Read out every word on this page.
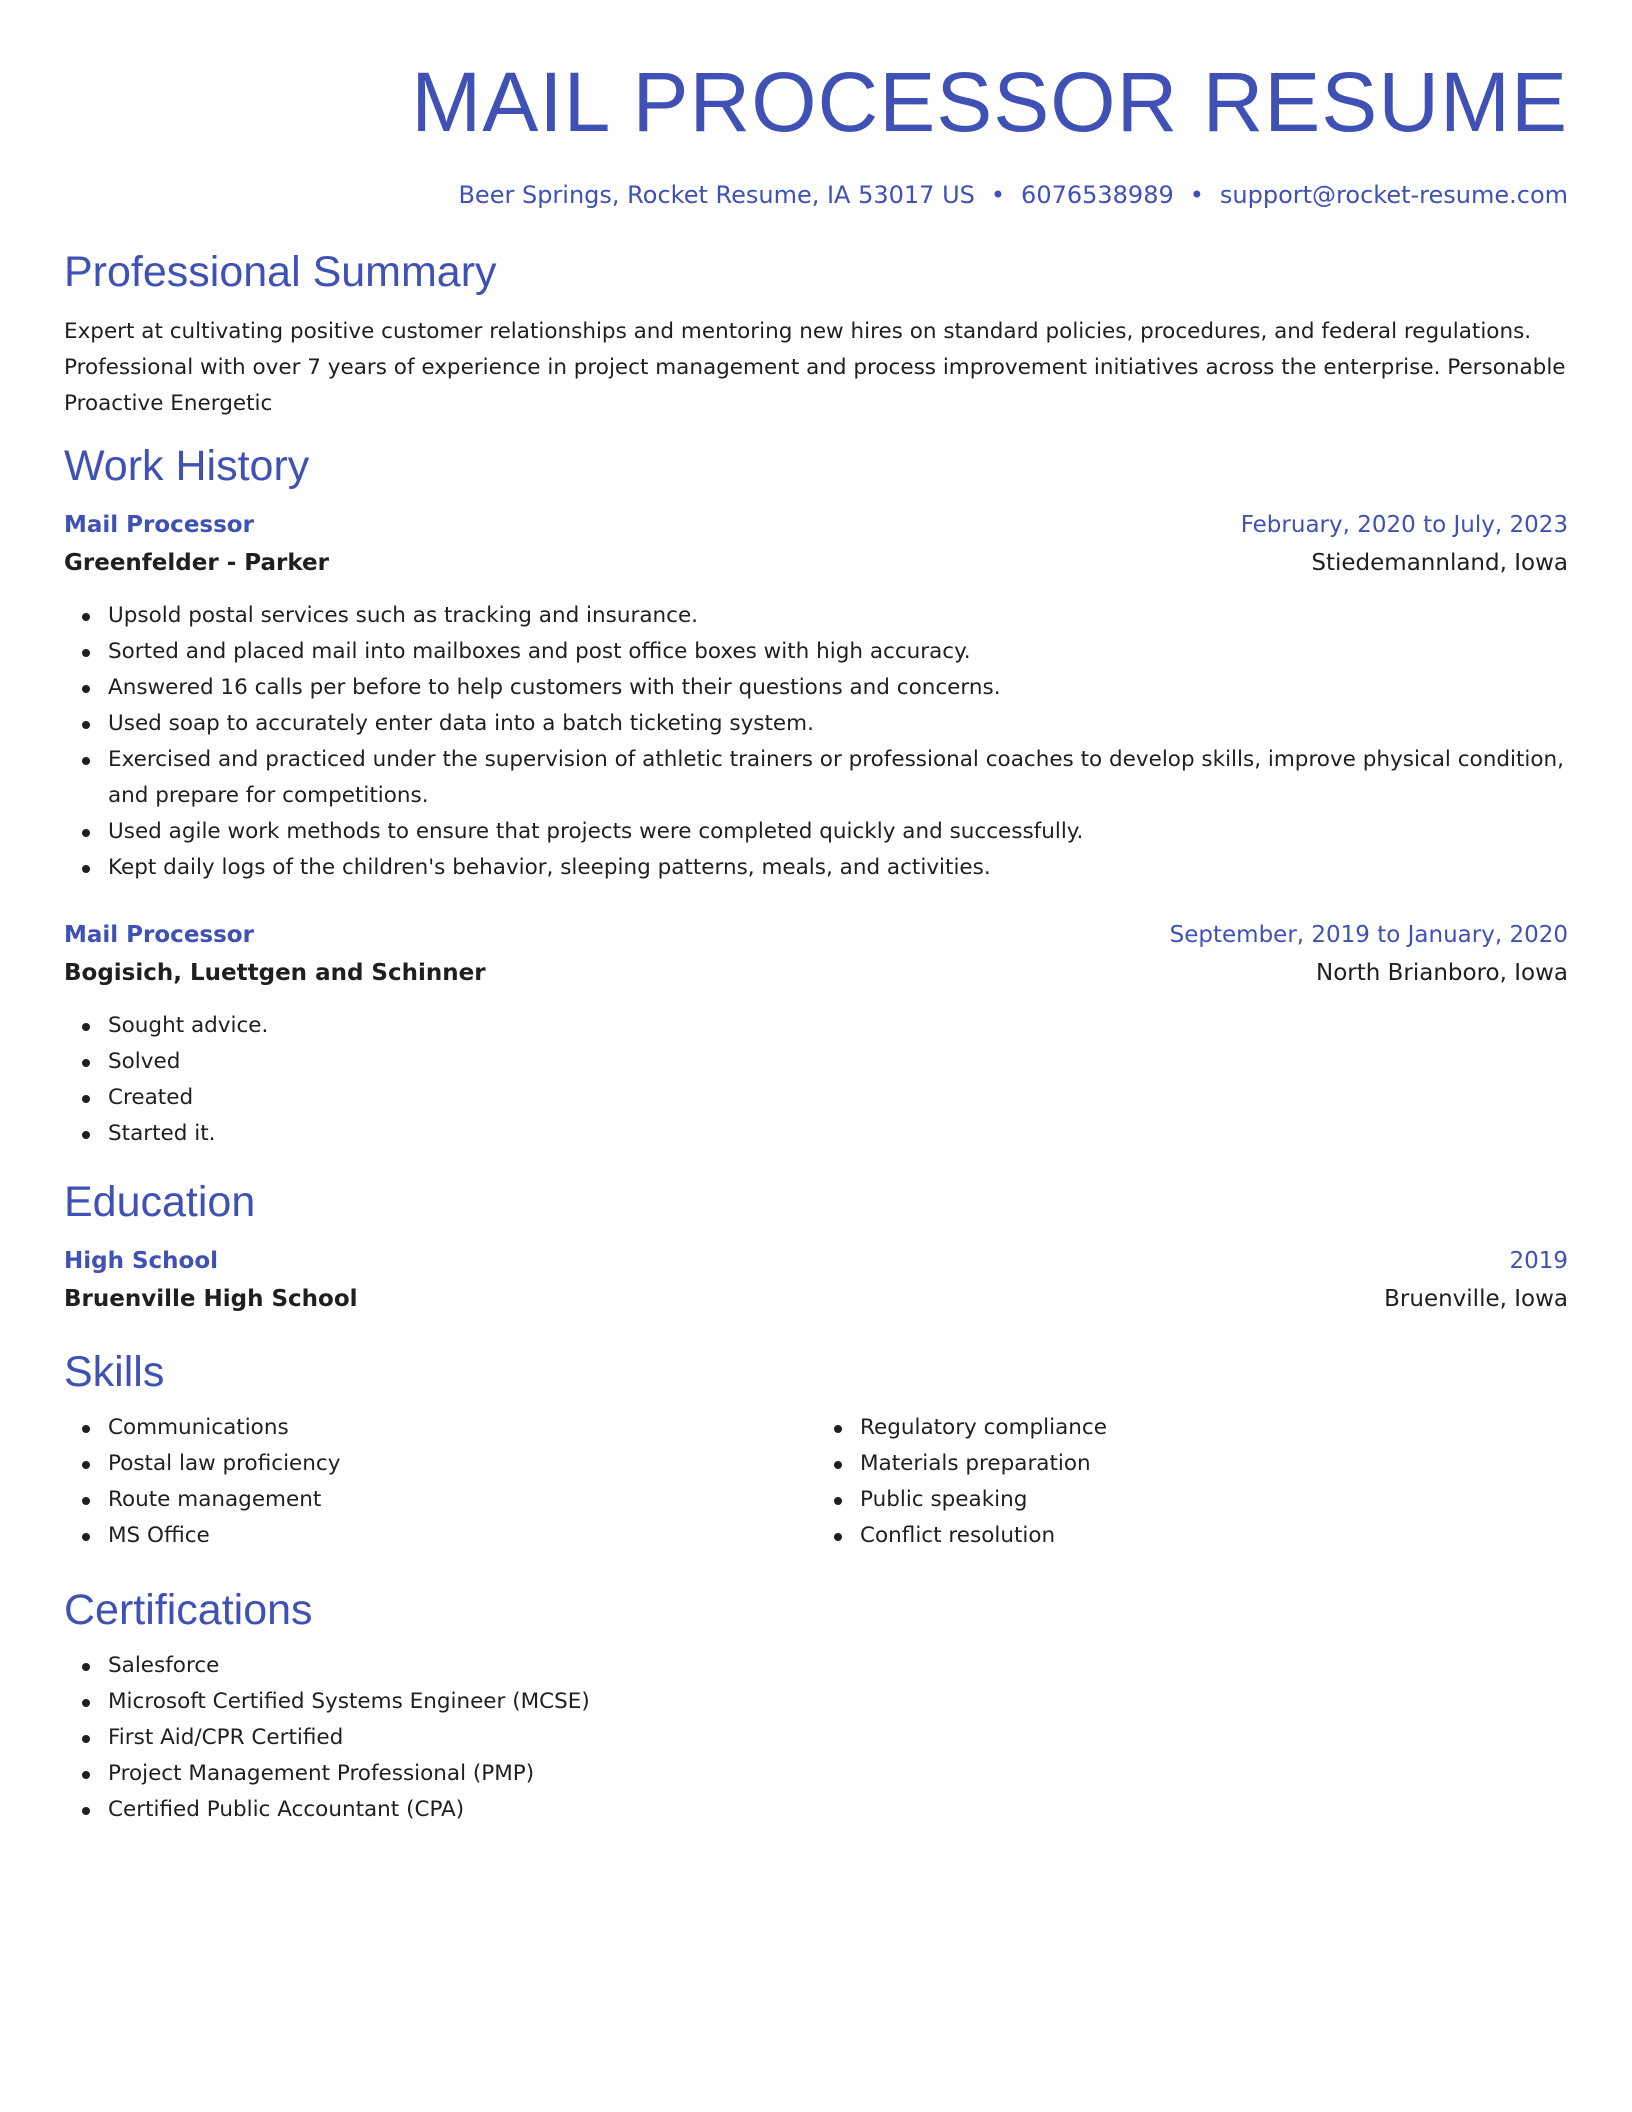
MAIL PROCESSOR RESUME
Beer Springs, Rocket Resume, IA 53017 US • 6076538989 • support@rocket-resume.com
Professional Summary

Expert at cultivating positive customer relationships and mentoring new hires on standard policies, procedures, and federal regulations. Professional with over 7 years of experience in project management and process improvement initiatives across the enterprise. Personable Proactive Energetic

Work History
Mail Processor	February, 2020 to July, 2023
Greenfelder - Parker	Stiedemannland, Iowa
Upsold postal services such as tracking and insurance.
Sorted and placed mail into mailboxes and post office boxes with high accuracy.
Answered 16 calls per before to help customers with their questions and concerns.
Used soap to accurately enter data into a batch ticketing system.
Exercised and practiced under the supervision of athletic trainers or professional coaches to develop skills, improve physical condition, and prepare for competitions.
Used agile work methods to ensure that projects were completed quickly and successfully.
Kept daily logs of the children's behavior, sleeping patterns, meals, and activities.
Mail Processor	September, 2019 to January, 2020
Bogisich, Luettgen and Schinner	North Brianboro, Iowa
Sought advice.
Solved
Created
Started it.
Education
High School	2019
Bruenville High School	Bruenville, Iowa
Skills
Communications
Postal law proficiency
Route management
MS Office
Regulatory compliance
Materials preparation
Public speaking
Conflict resolution
Certifications
Salesforce
Microsoft Certified Systems Engineer (MCSE)
First Aid/CPR Certified
Project Management Professional (PMP)
Certified Public Accountant (CPA)
